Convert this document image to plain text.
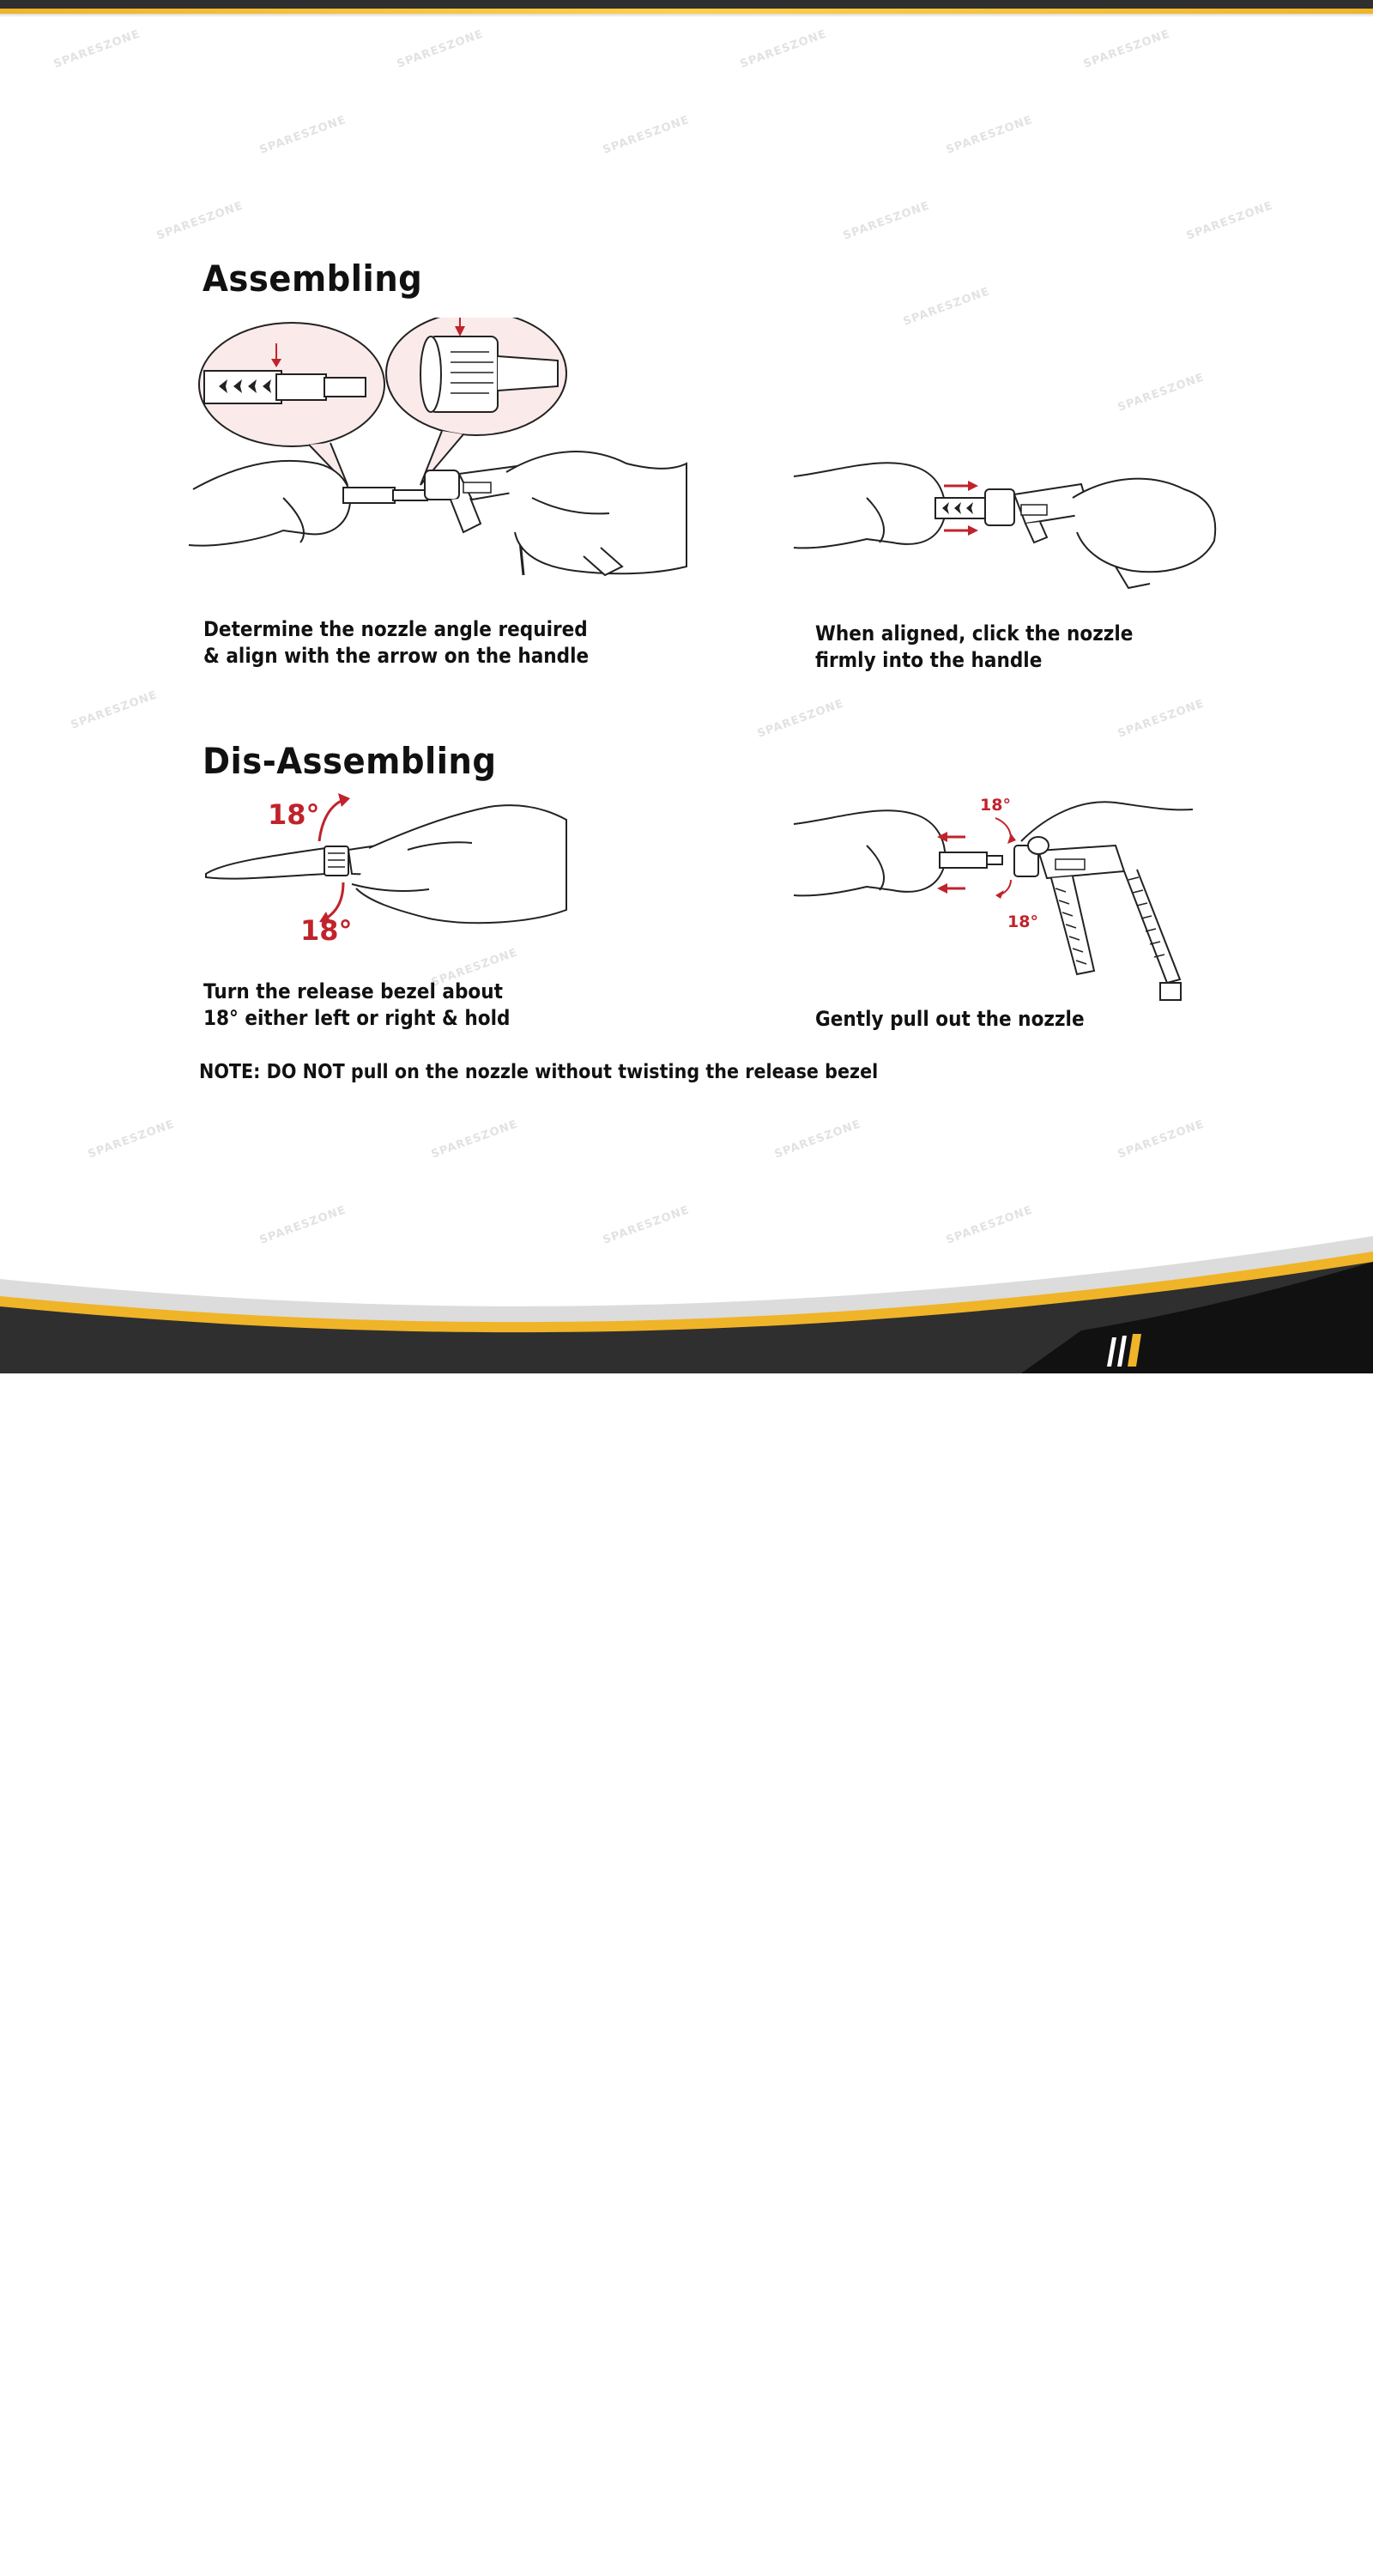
SPARESZONE	SPARESZONE	SPARESZONE	SPARESZONE
SPARESZONE	SPARESZONE	SPARESZONE
SPARESZONE	SPARESZONE	SPARESZONE
SPARESZONE
SPARESZONE
SPARESZONE	SPARESZONE	SPARESZONE
SPARESZONE
SPARESZONE	SPARESZONE	SPARESZONE	SPARESZONE
SPARESZONE	SPARESZONE	SPARESZONE
Assembling

Determine the nozzle angle required
& align with the arrow on the handle

When aligned, click the nozzle
firmly into the handle

Dis-Assembling
18°
18°

Turn the release bezel about
18° either left or right & hold

18°
18°

Gently pull out the nozzle

NOTE: DO NOT pull on the nozzle without twisting the release bezel

SPARESZONE
